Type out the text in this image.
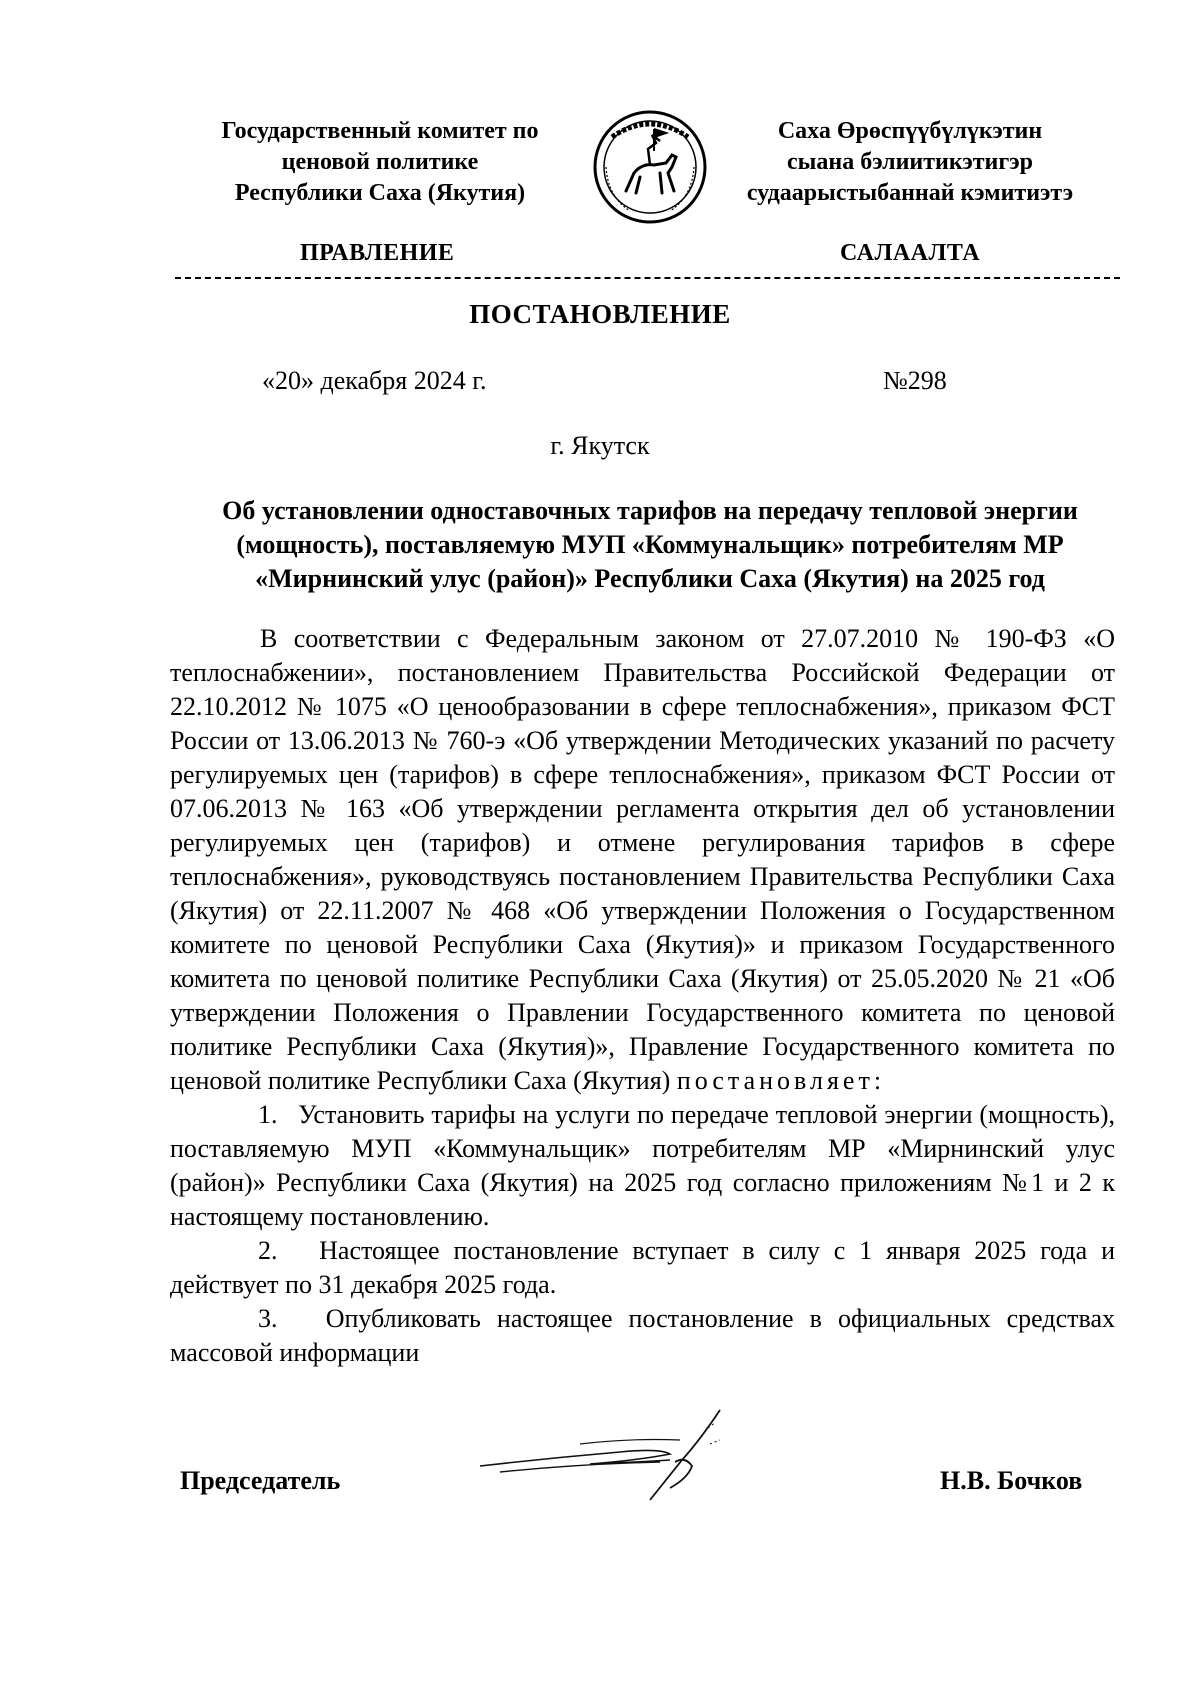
Государственный комитет по
ценовой политике
Республики Саха (Якутия)
Саха Өрөспүүбүлүкэтин
сыана бэлиитикэтигэр
судаарыстыбаннай кэмитиэтэ
ПРАВЛЕНИЕ	САЛААЛТА
ПОСТАНОВЛЕНИЕ
«20» декабря 2024 г.	№298
г. Якутск
Об установлении одноставочных тарифов на передачу тепловой энергии
(мощность), поставляемую МУП «Коммунальщик» потребителям МР
«Мирнинский улус (район)» Республики Саха (Якутия) на 2025 год

В соответствии с Федеральным законом от 27.07.2010 № 190-ФЗ «О теплоснабжении», постановлением Правительства Российской Федерации от 22.10.2012 № 1075 «О ценообразовании в сфере теплоснабжения», приказом ФСТ России от 13.06.2013 № 760-э «Об утверждении Методических указаний по расчету регулируемых цен (тарифов) в сфере теплоснабжения», приказом ФСТ России от 07.06.2013 № 163 «Об утверждении регламента открытия дел об установлении регулируемых цен (тарифов) и отмене регулирования тарифов в сфере теплоснабжения», руководствуясь постановлением Правительства Республики Саха (Якутия) от 22.11.2007 № 468 «Об утверждении Положения о Государственном комитете по ценовой Республики Саха (Якутия)» и приказом Государственного комитета по ценовой политике Республики Саха (Якутия) от 25.05.2020 № 21 «Об утверждении Положения о Правлении Государственного комитета по ценовой политике Республики Саха (Якутия)», Правление Государственного комитета по ценовой политике Республики Саха (Якутия) постановляет:

1.   Установить тарифы на услуги по передаче тепловой энергии (мощность), поставляемую МУП «Коммунальщик» потребителям МР «Мирнинский улус (район)» Республики Саха (Якутия) на 2025 год согласно приложениям №1 и 2 к настоящему постановлению.

2.   Настоящее постановление вступает в силу с 1 января 2025 года и действует по 31 декабря 2025 года.

3.   Опубликовать настоящее постановление в официальных средствах массовой информации

Председатель	Н.В. Бочков
